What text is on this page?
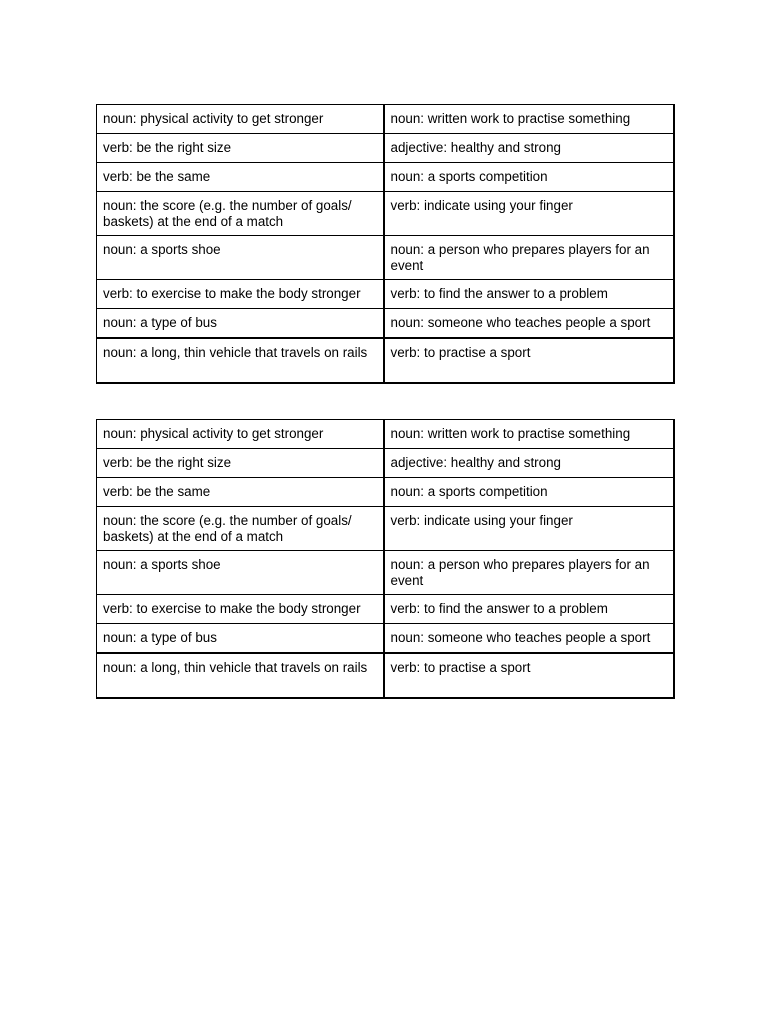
noun: physical activity to get stronger	noun: written work to practise something
verb: be the right size	adjective: healthy and strong
verb: be the same	noun: a sports competition
noun: the score (e.g. the number of goals/ baskets) at the end of a match	verb: indicate using your finger
noun: a sports shoe	noun: a person who prepares players for an event
verb: to exercise to make the body stronger	verb: to find the answer to a problem
noun: a type of bus	noun: someone who teaches people a sport
noun: a long, thin vehicle that travels on rails	verb: to practise a sport
noun: physical activity to get stronger	noun: written work to practise something
verb: be the right size	adjective: healthy and strong
verb: be the same	noun: a sports competition
noun: the score (e.g. the number of goals/ baskets) at the end of a match	verb: indicate using your finger
noun: a sports shoe	noun: a person who prepares players for an event
verb: to exercise to make the body stronger	verb: to find the answer to a problem
noun: a type of bus	noun: someone who teaches people a sport
noun: a long, thin vehicle that travels on rails	verb: to practise a sport
